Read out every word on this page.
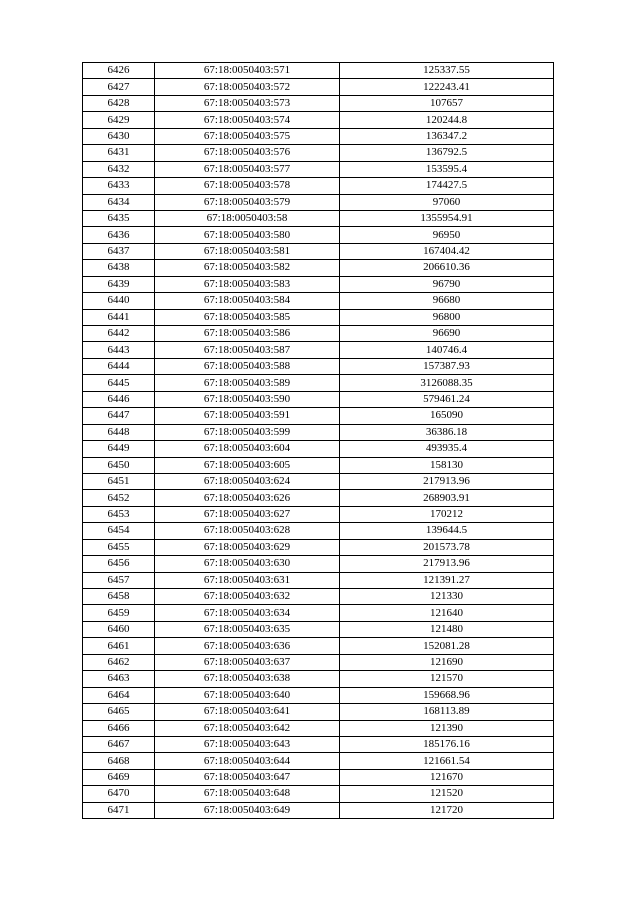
6426	67:18:0050403:571	125337.55
6427	67:18:0050403:572	122243.41
6428	67:18:0050403:573	107657
6429	67:18:0050403:574	120244.8
6430	67:18:0050403:575	136347.2
6431	67:18:0050403:576	136792.5
6432	67:18:0050403:577	153595.4
6433	67:18:0050403:578	174427.5
6434	67:18:0050403:579	97060
6435	67:18:0050403:58	1355954.91
6436	67:18:0050403:580	96950
6437	67:18:0050403:581	167404.42
6438	67:18:0050403:582	206610.36
6439	67:18:0050403:583	96790
6440	67:18:0050403:584	96680
6441	67:18:0050403:585	96800
6442	67:18:0050403:586	96690
6443	67:18:0050403:587	140746.4
6444	67:18:0050403:588	157387.93
6445	67:18:0050403:589	3126088.35
6446	67:18:0050403:590	579461.24
6447	67:18:0050403:591	165090
6448	67:18:0050403:599	36386.18
6449	67:18:0050403:604	493935.4
6450	67:18:0050403:605	158130
6451	67:18:0050403:624	217913.96
6452	67:18:0050403:626	268903.91
6453	67:18:0050403:627	170212
6454	67:18:0050403:628	139644.5
6455	67:18:0050403:629	201573.78
6456	67:18:0050403:630	217913.96
6457	67:18:0050403:631	121391.27
6458	67:18:0050403:632	121330
6459	67:18:0050403:634	121640
6460	67:18:0050403:635	121480
6461	67:18:0050403:636	152081.28
6462	67:18:0050403:637	121690
6463	67:18:0050403:638	121570
6464	67:18:0050403:640	159668.96
6465	67:18:0050403:641	168113.89
6466	67:18:0050403:642	121390
6467	67:18:0050403:643	185176.16
6468	67:18:0050403:644	121661.54
6469	67:18:0050403:647	121670
6470	67:18:0050403:648	121520
6471	67:18:0050403:649	121720
